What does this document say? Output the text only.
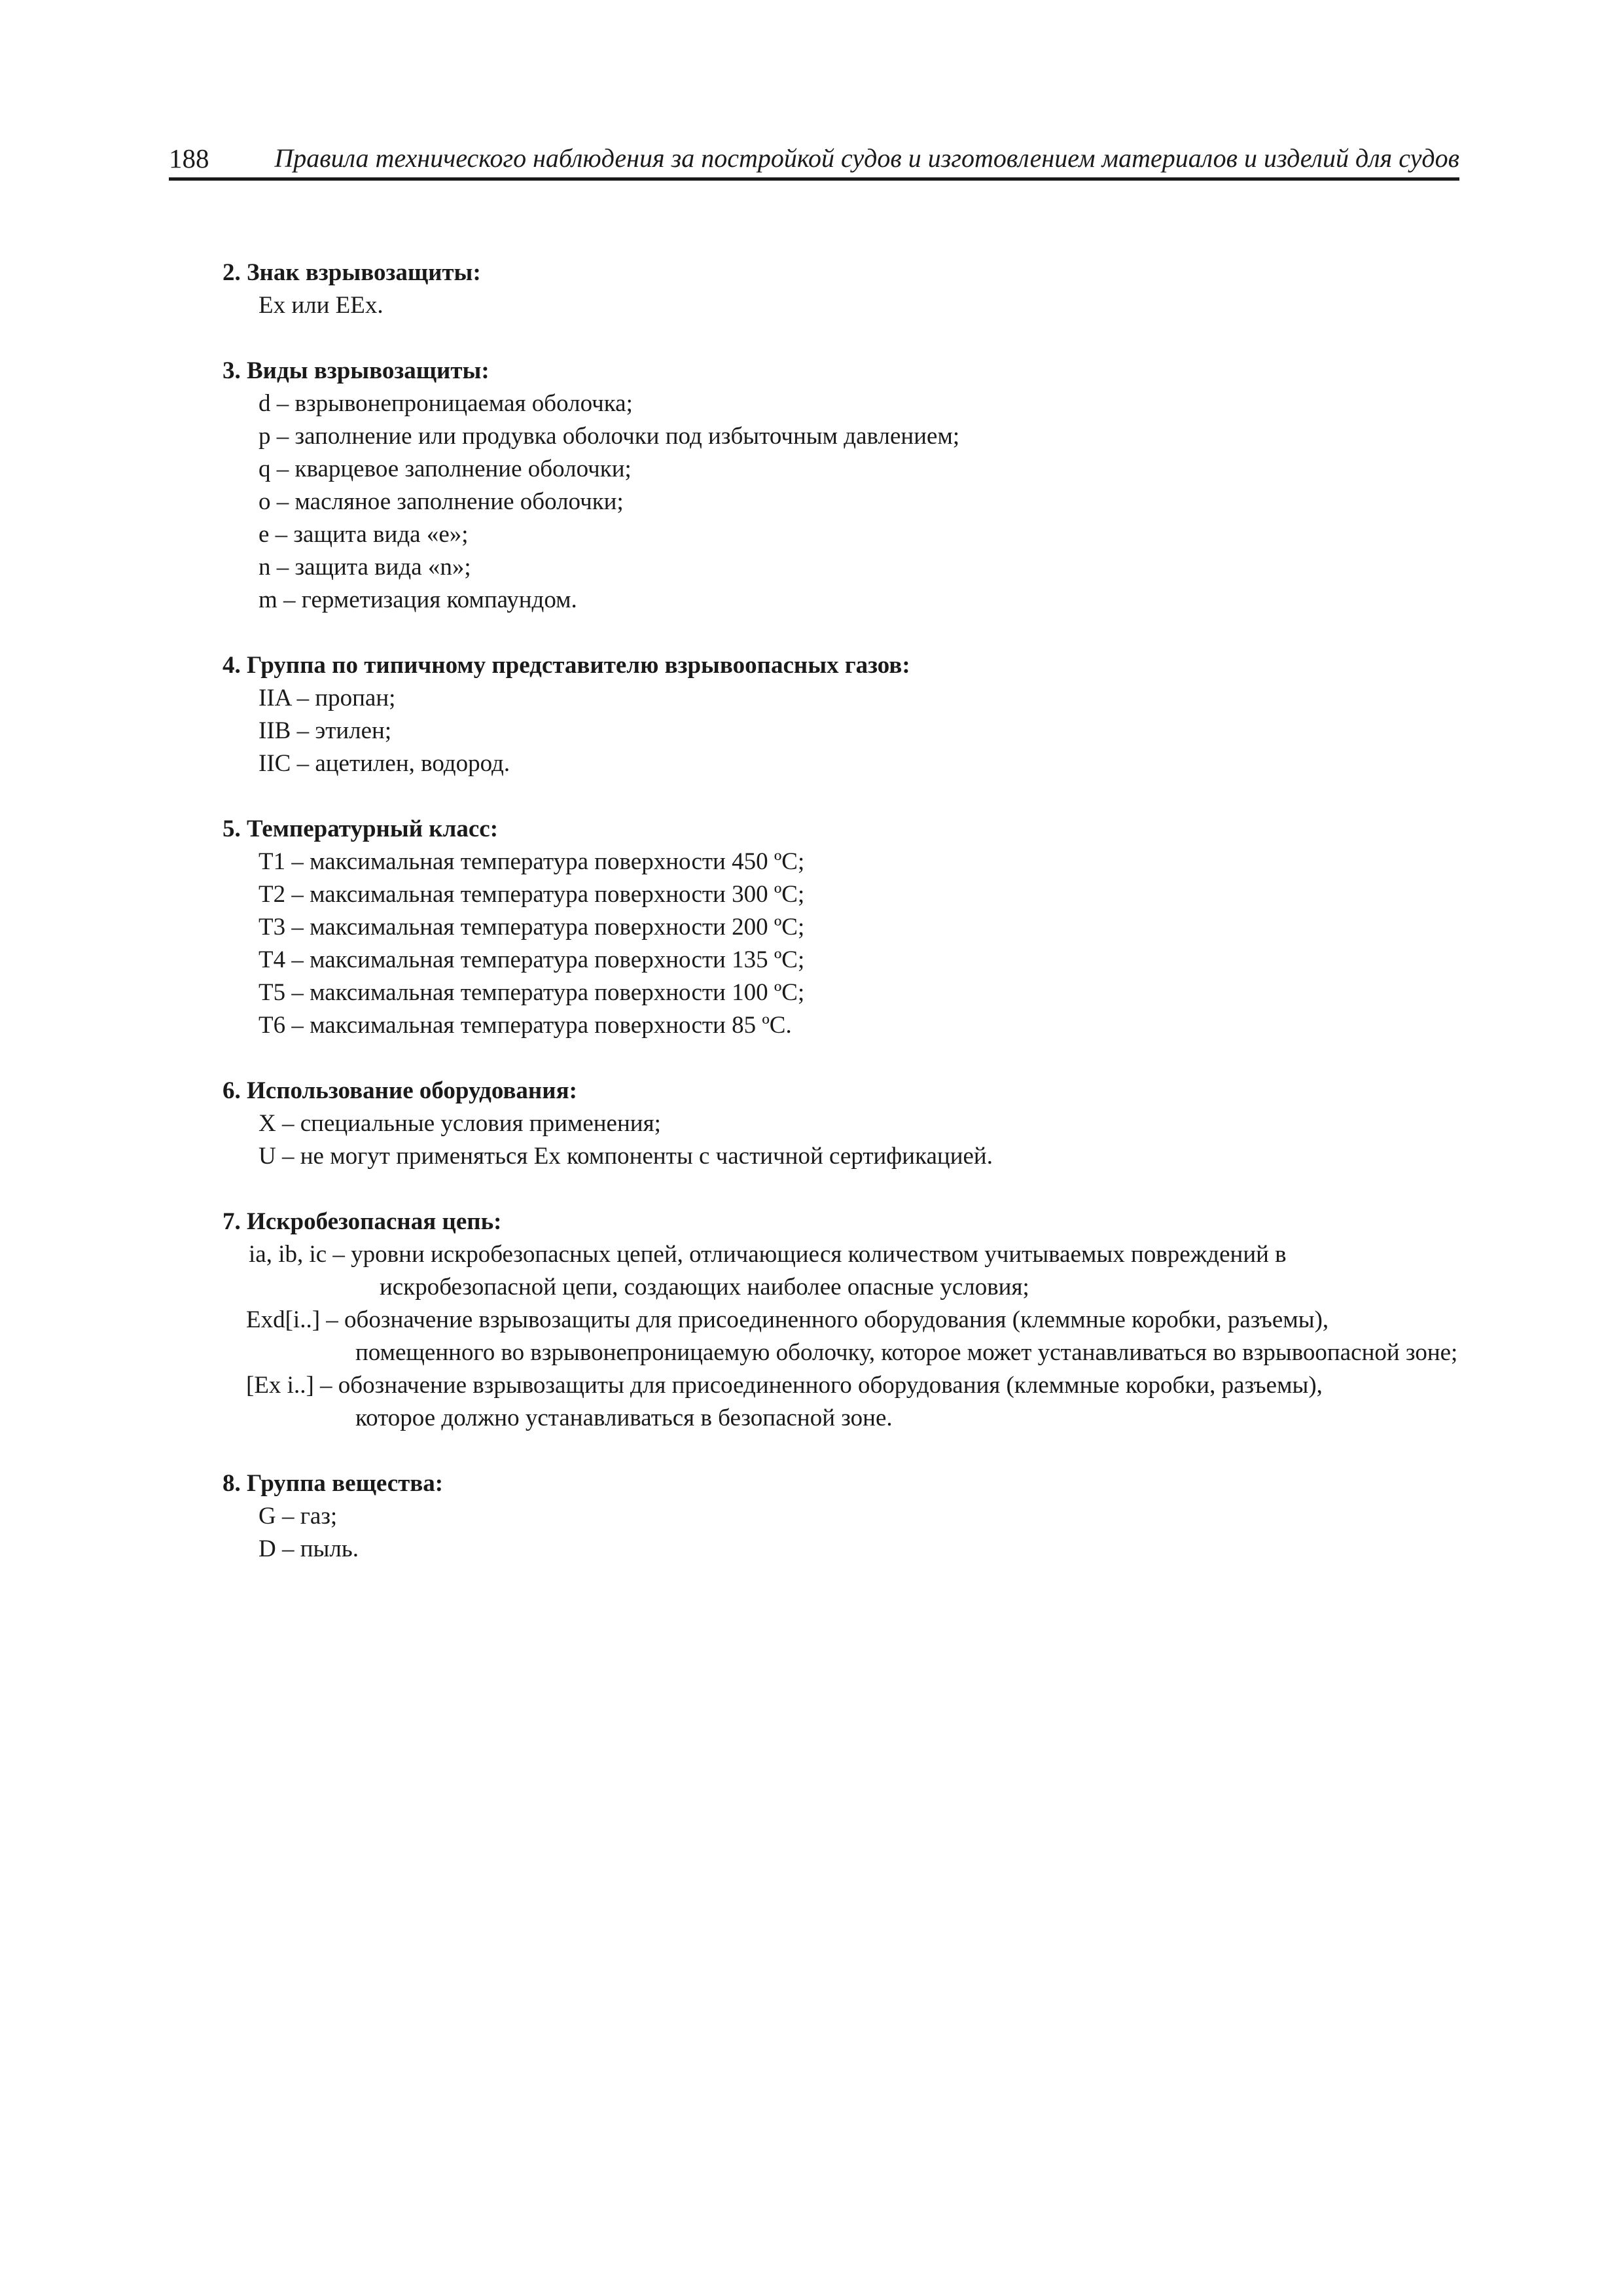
188 Правила технического наблюдения за постройкой судов и изготовлением материалов и изделий для судов
2. Знак взрывозащиты:
Ex или EEx.
3. Виды взрывозащиты:
d – взрывонепроницаемая оболочка;
p – заполнение или продувка оболочки под избыточным давлением;
q – кварцевое заполнение оболочки;
o – масляное заполнение оболочки;
e – защита вида «e»;
n – защита вида «n»;
m – герметизация компаундом.
4. Группа по типичному представителю взрывоопасных газов:
IIA – пропан;
IIB – этилен;
IIC – ацетилен, водород.
5. Температурный класс:
T1 – максимальная температура поверхности 450 ºС;
T2 – максимальная температура поверхности 300 ºС;
T3 – максимальная температура поверхности 200 ºС;
T4 – максимальная температура поверхности 135 ºС;
T5 – максимальная температура поверхности 100 ºС;
T6 – максимальная температура поверхности 85 ºС.
6. Использование оборудования:
X – специальные условия применения;
U – не могут применяться Ex компоненты с частичной сертификацией.
7. Искробезопасная цепь:
ia, ib, ic – уровни искробезопасных цепей, отличающиеся количеством учитываемых повреждений в
искробезопасной цепи, создающих наиболее опасные условия;
Exd[i..] – обозначение взрывозащиты для присоединенного оборудования (клеммные коробки, разъемы),
помещенного во взрывонепроницаемую оболочку, которое может устанавливаться во взрывоопасной зоне;
[Ex i..] – обозначение взрывозащиты для присоединенного оборудования (клеммные коробки, разъемы),
которое должно устанавливаться в безопасной зоне.
8. Группа вещества:
G – газ;
D – пыль.
